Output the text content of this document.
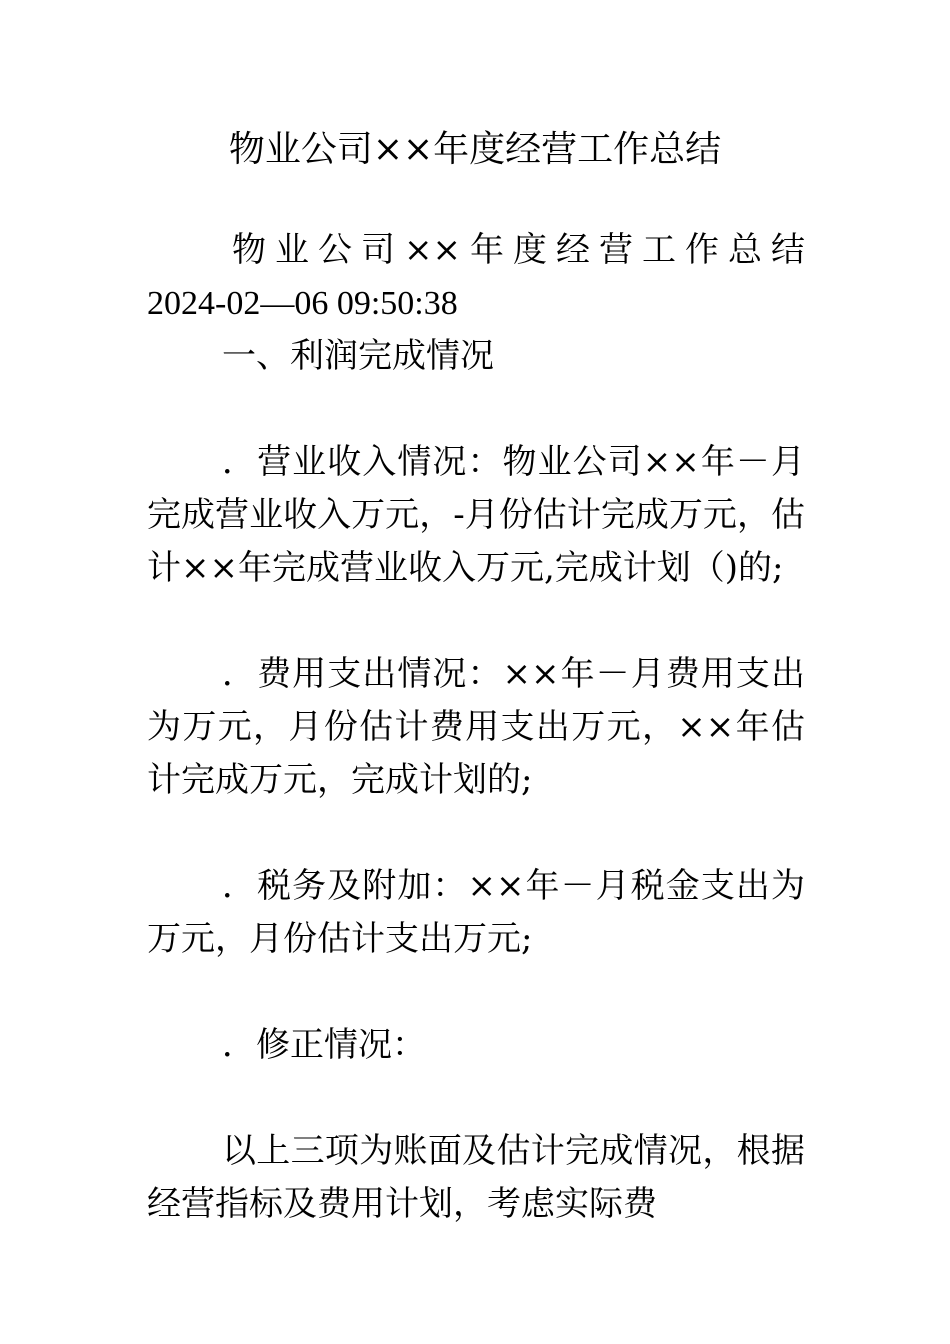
物业公司××年度经营工作总结

物业公司××年度经营工作总结

2024-02—06 09:50:38

一、利润完成情况

．营业收入情况：物业公司××年－月完成营业收入万元，-月份估计完成万元，估计××年完成营业收入万元,完成计划（)的;

．费用支出情况：××年－月费用支出为万元，月份估计费用支出万元，××年估计完成万元，完成计划的;

．税务及附加：××年－月税金支出为万元，月份估计支出万元;

．修正情况：

以上三项为账面及估计完成情况，根据经营指标及费用计划，考虑实际费
